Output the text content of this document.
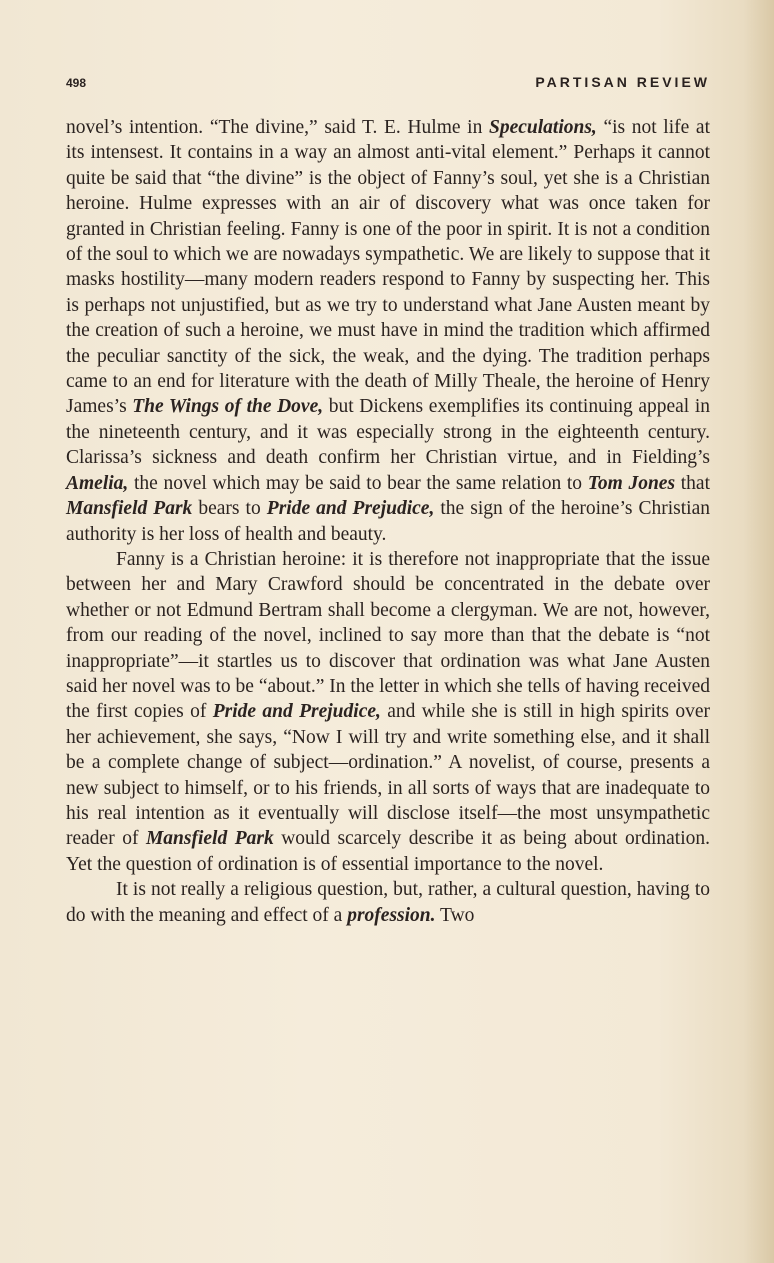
498	PARTISAN REVIEW

novel’s intention. “The divine,” said T. E. Hulme in Speculations, “is not life at its intensest. It contains in a way an almost anti-vital element.” Perhaps it cannot quite be said that “the divine” is the object of Fanny’s soul, yet she is a Christian heroine. Hulme expresses with an air of discovery what was once taken for granted in Christian feeling. Fanny is one of the poor in spirit. It is not a condition of the soul to which we are nowadays sympathetic. We are likely to suppose that it masks hostility—many modern readers respond to Fanny by suspecting her. This is perhaps not unjustified, but as we try to understand what Jane Austen meant by the creation of such a heroine, we must have in mind the tradition which affirmed the peculiar sanctity of the sick, the weak, and the dying. The tradition perhaps came to an end for literature with the death of Milly Theale, the heroine of Henry James’s The Wings of the Dove, but Dickens exemplifies its continuing appeal in the nineteenth century, and it was especially strong in the eighteenth century. Clarissa’s sickness and death confirm her Christian virtue, and in Fielding’s Amelia, the novel which may be said to bear the same relation to Tom Jones that Mansfield Park bears to Pride and Prejudice, the sign of the heroine’s Christian authority is her loss of health and beauty.

Fanny is a Christian heroine: it is therefore not inappropriate that the issue between her and Mary Crawford should be concentrated in the debate over whether or not Edmund Bertram shall become a clergyman. We are not, however, from our reading of the novel, inclined to say more than that the debate is “not inappropriate”—it startles us to discover that ordination was what Jane Austen said her novel was to be “about.” In the letter in which she tells of having received the first copies of Pride and Prejudice, and while she is still in high spirits over her achievement, she says, “Now I will try and write something else, and it shall be a complete change of subject—ordination.” A novelist, of course, presents a new subject to himself, or to his friends, in all sorts of ways that are inadequate to his real intention as it eventually will disclose itself—the most unsympathetic reader of Mansfield Park would scarcely describe it as being about ordination. Yet the question of ordination is of essential importance to the novel.

It is not really a religious question, but, rather, a cultural question, having to do with the meaning and effect of a profession. Two
